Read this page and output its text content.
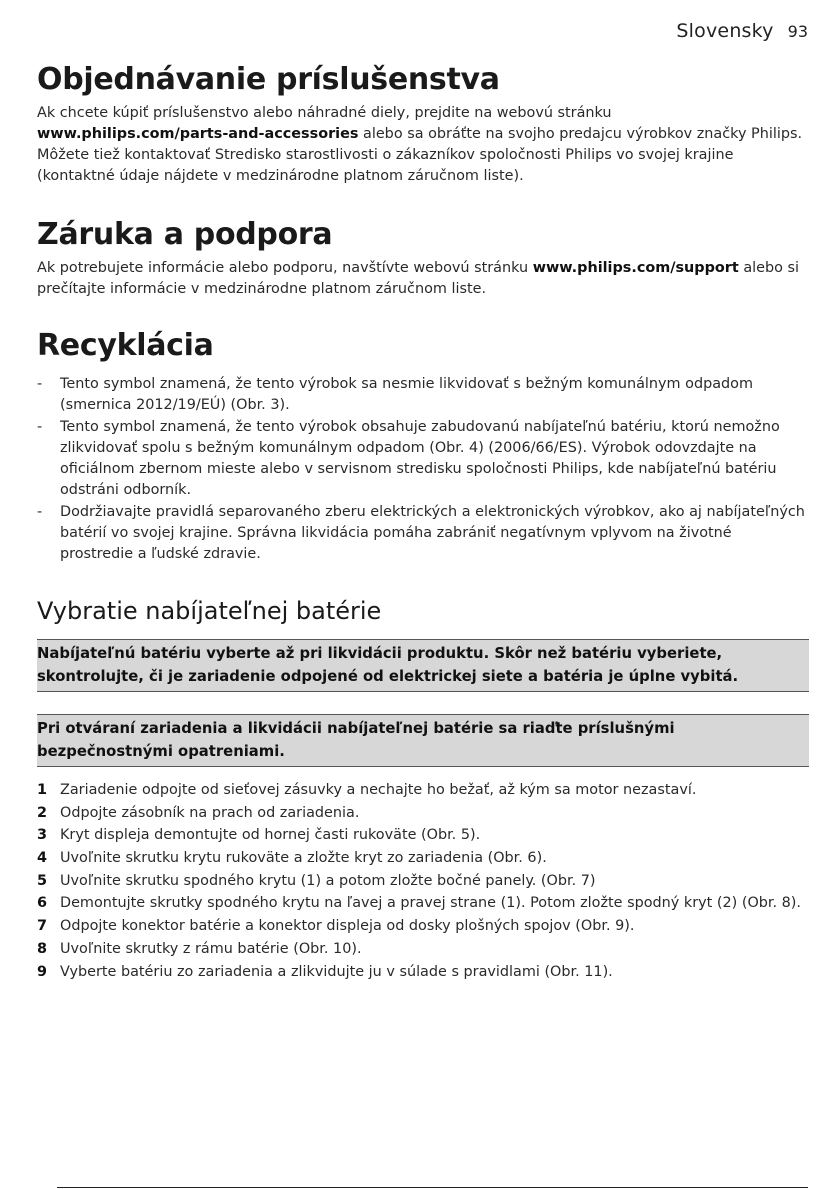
Slovensky 93
Objednávanie príslušenstva

Ak chcete kúpiť príslušenstvo alebo náhradné diely, prejdite na webovú stránku
www.philips.com/parts-and-accessories alebo sa obráťte na svojho predajcu výrobkov značky Philips. Môžete tiež kontaktovať Stredisko starostlivosti o zákazníkov spoločnosti Philips vo svojej krajine (kontaktné údaje nájdete v medzinárodne platnom záručnom liste).

Záruka a podpora

Ak potrebujete informácie alebo podporu, navštívte webovú stránku www.philips.com/support alebo si prečítajte informácie v medzinárodne platnom záručnom liste.

Recyklácia
- Tento symbol znamená, že tento výrobok sa nesmie likvidovať s bežným komunálnym odpadom (smernica 2012/19/EÚ) (Obr. 3).
- Tento symbol znamená, že tento výrobok obsahuje zabudovanú nabíjateľnú batériu, ktorú nemožno zlikvidovať spolu s bežným komunálnym odpadom (Obr. 4) (2006/66/ES). Výrobok odovzdajte na oficiálnom zbernom mieste alebo v servisnom stredisku spoločnosti Philips, kde nabíjateľnú batériu odstráni odborník.
- Dodržiavajte pravidlá separovaného zberu elektrických a elektronických výrobkov, ako aj nabíjateľných batérií vo svojej krajine. Správna likvidácia pomáha zabrániť negatívnym vplyvom na životné prostredie a ľudské zdravie.
Vybratie nabíjateľnej batérie
Nabíjateľnú batériu vyberte až pri likvidácii produktu. Skôr než batériu vyberiete, skontrolujte, či je zariadenie odpojené od elektrickej siete a batéria je úplne vybitá.
Pri otváraní zariadenia a likvidácii nabíjateľnej batérie sa riaďte príslušnými bezpečnostnými opatreniami.
1 Zariadenie odpojte od sieťovej zásuvky a nechajte ho bežať, až kým sa motor nezastaví.
2 Odpojte zásobník na prach od zariadenia.
3 Kryt displeja demontujte od hornej časti rukoväte (Obr. 5).
4 Uvoľnite skrutku krytu rukoväte a zložte kryt zo zariadenia (Obr. 6).
5 Uvoľnite skrutku spodného krytu (1) a potom zložte bočné panely. (Obr. 7)
6 Demontujte skrutky spodného krytu na ľavej a pravej strane (1). Potom zložte spodný kryt (2) (Obr. 8).
7 Odpojte konektor batérie a konektor displeja od dosky plošných spojov (Obr. 9).
8 Uvoľnite skrutky z rámu batérie (Obr. 10).
9 Vyberte batériu zo zariadenia a zlikvidujte ju v súlade s pravidlami (Obr. 11).
